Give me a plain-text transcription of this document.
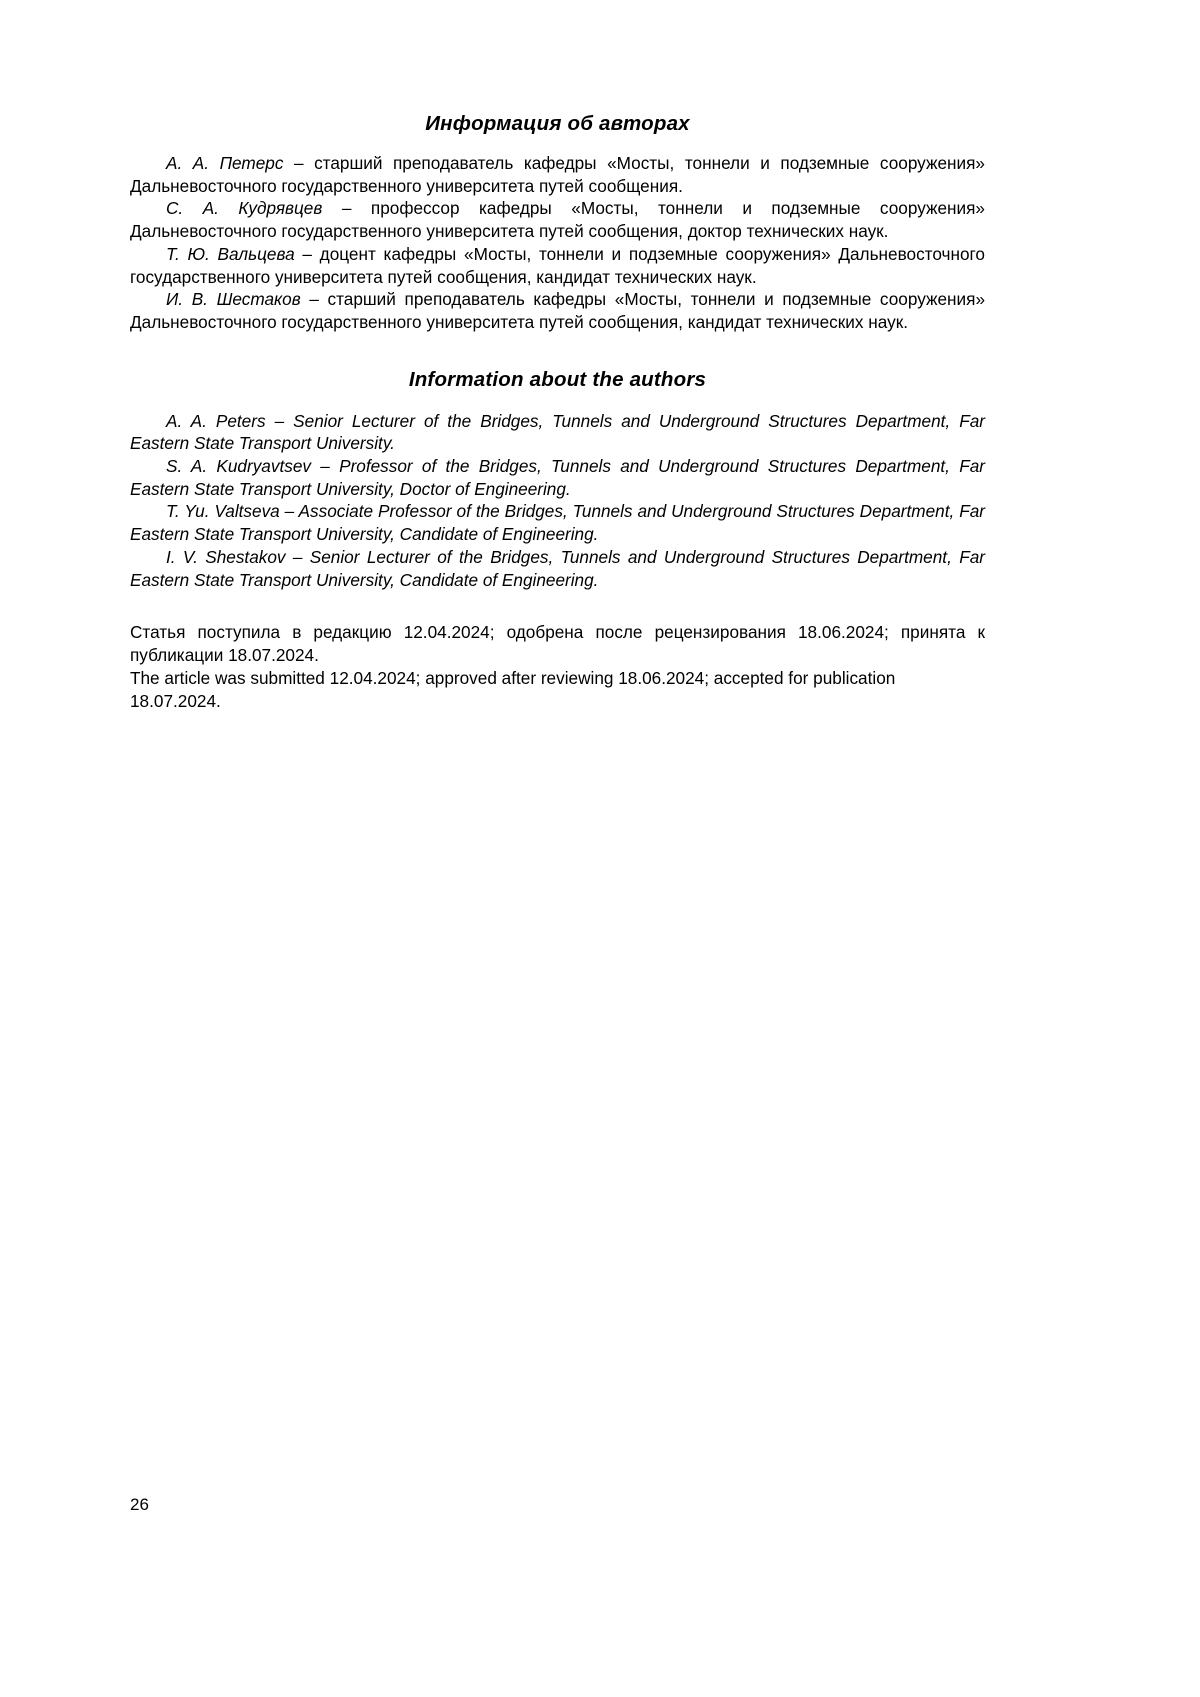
Информация об авторах

А. А. Петерс – старший преподаватель кафедры «Мосты, тоннели и подземные сооружения» Дальневосточного государственного университета путей сообщения.

С. А. Кудрявцев – профессор кафедры «Мосты, тоннели и подземные сооружения» Дальневосточного государственного университета путей сообщения, доктор технических наук.

Т. Ю. Вальцева – доцент кафедры «Мосты, тоннели и подземные сооружения» Дальневосточного государственного университета путей сообщения, кандидат технических наук.

И. В. Шестаков – старший преподаватель кафедры «Мосты, тоннели и подземные сооружения» Дальневосточного государственного университета путей сообщения, кандидат технических наук.

Information about the authors

A. A. Peters – Senior Lecturer of the Bridges, Tunnels and Underground Structures Department, Far Eastern State Transport University.

S. A. Kudryavtsev – Professor of the Bridges, Tunnels and Underground Structures Department, Far Eastern State Transport University, Doctor of Engineering.

T. Yu. Valtseva – Associate Professor of the Bridges, Tunnels and Underground Structures Department, Far Eastern State Transport University, Candidate of Engineering.

I. V. Shestakov – Senior Lecturer of the Bridges, Tunnels and Underground Structures Department, Far Eastern State Transport University, Candidate of Engineering.

Статья поступила в редакцию 12.04.2024; одобрена после рецензирования 18.06.2024; принята к публикации 18.07.2024.

The article was submitted 12.04.2024; approved after reviewing 18.06.2024; accepted for publication 18.07.2024.

26
